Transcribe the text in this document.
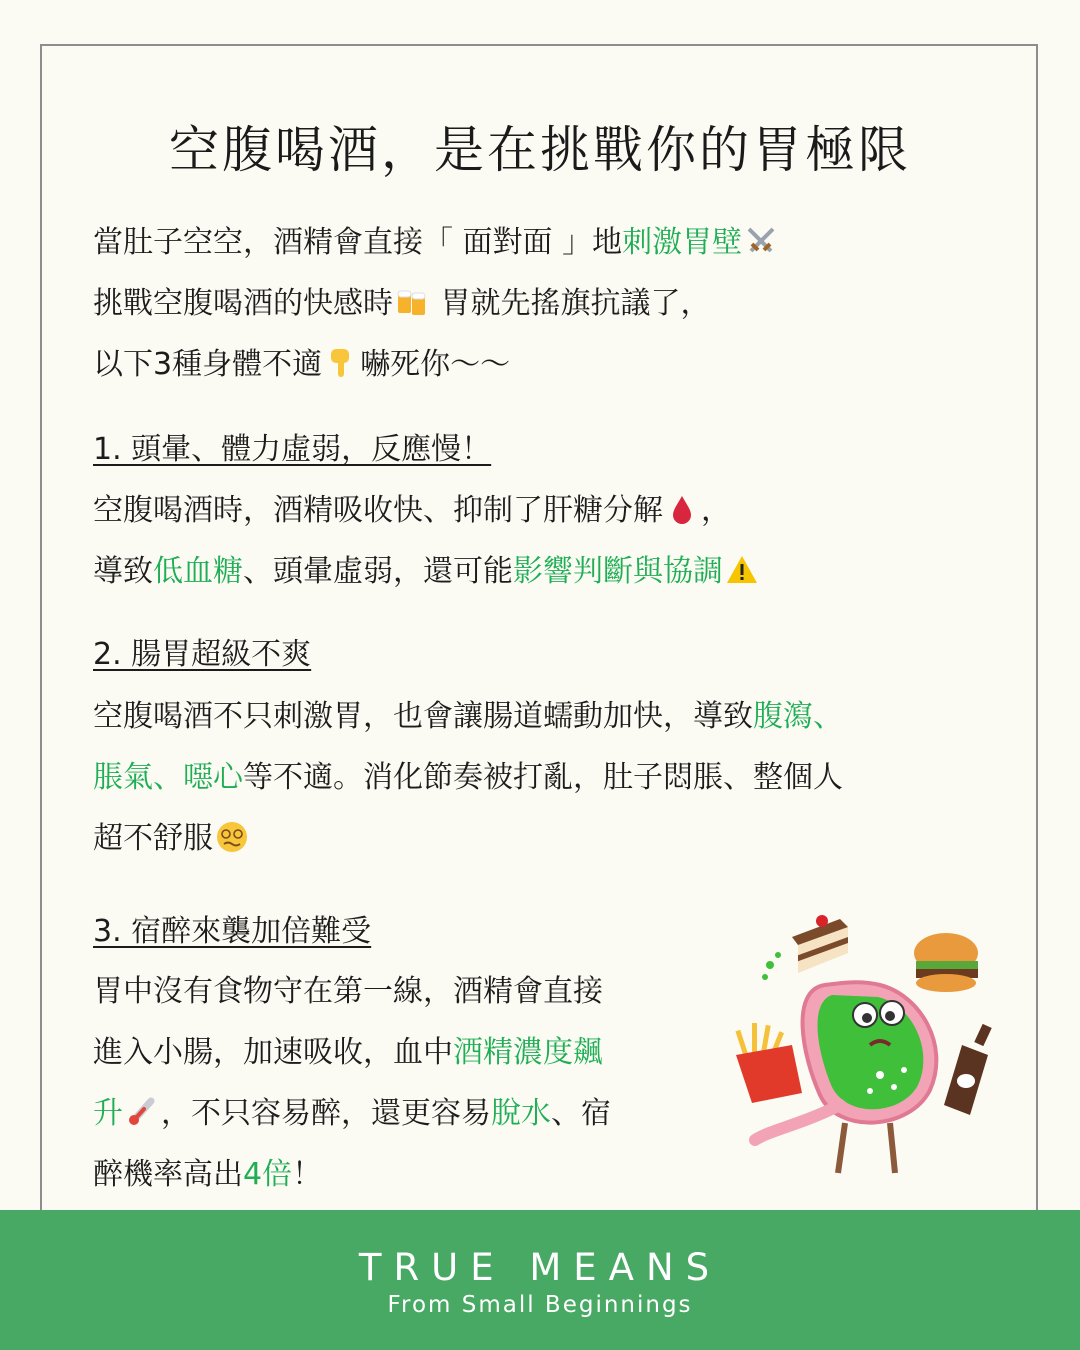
空腹喝酒，是在挑戰你的胃極限
當肚子空空，酒精會直接「 面對面 」地刺激胃壁
挑戰空腹喝酒的快感時 胃就先搖旗抗議了，
以下3種身體不適 嚇死你～～
1. 頭暈、體力虛弱，反應慢！
空腹喝酒時，酒精吸收快、抑制了肝糖分解 ，
導致低血糖、頭暈虛弱，還可能影響判斷與協調
2. 腸胃超級不爽
空腹喝酒不只刺激胃，也會讓腸道蠕動加快，導致腹瀉、
脹氣、噁心等不適。消化節奏被打亂，肚子悶脹、整個人
超不舒服
3. 宿醉來襲加倍難受
胃中沒有食物守在第一線，酒精會直接
進入小腸，加速吸收，血中酒精濃度飆
升 ，不只容易醉，還更容易脫水、宿
醉機率高出4倍！
TRUE MEANS
From Small Beginnings
